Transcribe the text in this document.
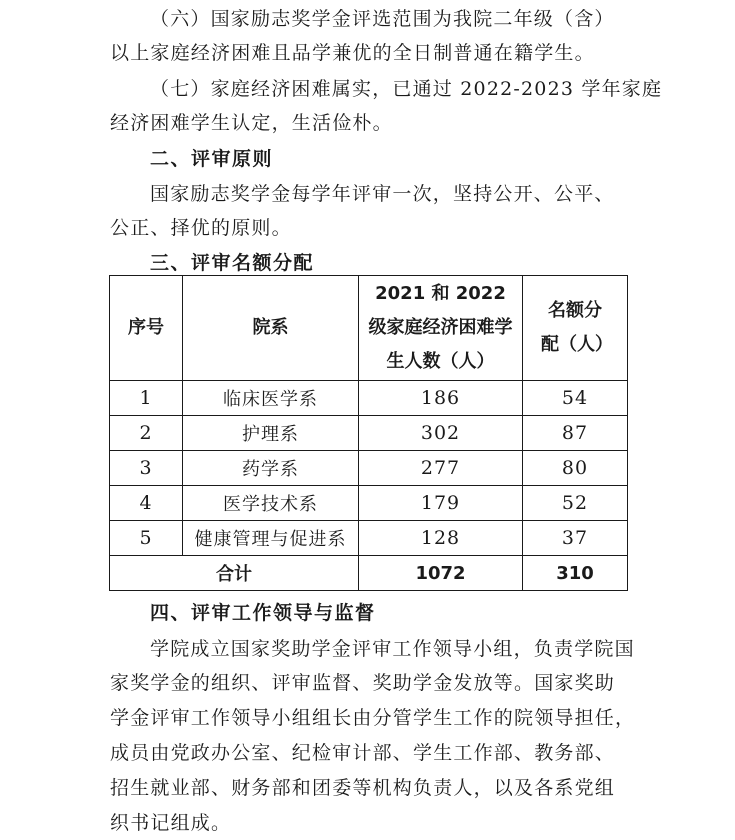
（六）国家励志奖学金评选范围为我院二年级（含）
以上家庭经济困难且品学兼优的全日制普通在籍学生。
（七）家庭经济困难属实，已通过 2022-2023 学年家庭
经济困难学生认定，生活俭朴。
二、评审原则
国家励志奖学金每学年评审一次，坚持公开、公平、
公正、择优的原则。
三、评审名额分配
序号	院系	2021 和 2022 级家庭经济困难学生人数（人）	名额分配（人）

1	临床医学系	186	54
2	护理系	302	87
3	药学系	277	80
4	医学技术系	179	52
5	健康管理与促进系	128	37
合计		1072	310
四、评审工作领导与监督
学院成立国家奖助学金评审工作领导小组，负责学院国
家奖学金的组织、评审监督、奖助学金发放等。国家奖助
学金评审工作领导小组组长由分管学生工作的院领导担任，
成员由党政办公室、纪检审计部、学生工作部、教务部、
招生就业部、财务部和团委等机构负责人，以及各系党组
织书记组成。
